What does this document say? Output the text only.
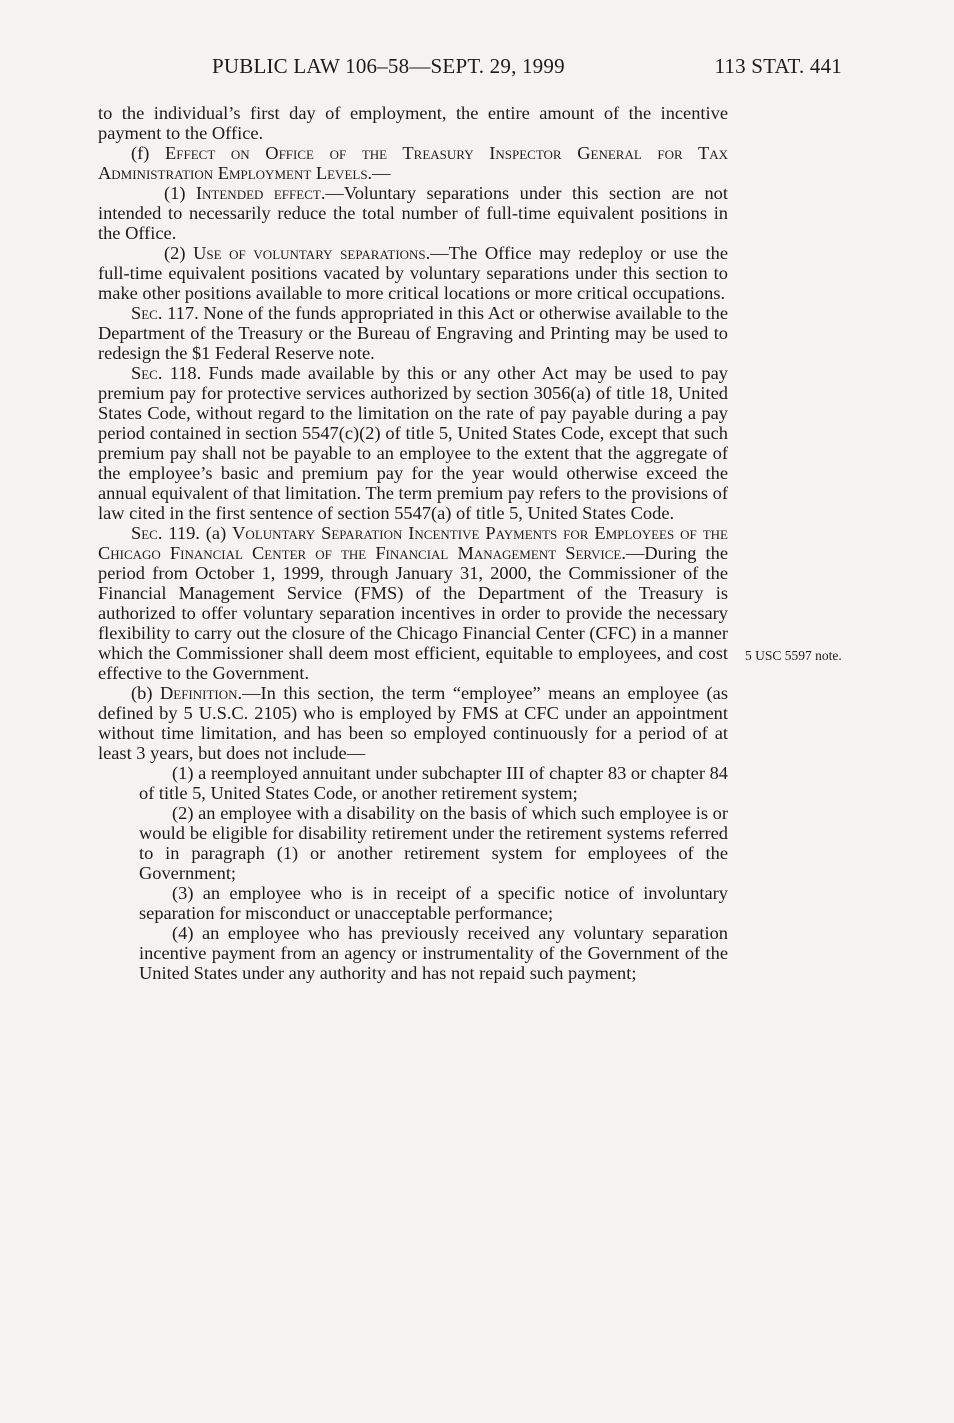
PUBLIC LAW 106–58—SEPT. 29, 1999	113 STAT. 441
5 USC 5597 note.

to the individual’s first day of employment, the entire amount of the incentive payment to the Office.

(f) Effect on Office of the Treasury Inspector General for Tax Administration Employment Levels.—

(1) Intended effect.—Voluntary separations under this section are not intended to necessarily reduce the total number of full-time equivalent positions in the Office.

(2) Use of voluntary separations.—The Office may redeploy or use the full-time equivalent positions vacated by voluntary separations under this section to make other positions available to more critical locations or more critical occupations.

Sec. 117. None of the funds appropriated in this Act or otherwise available to the Department of the Treasury or the Bureau of Engraving and Printing may be used to redesign the $1 Federal Reserve note.

Sec. 118. Funds made available by this or any other Act may be used to pay premium pay for protective services authorized by section 3056(a) of title 18, United States Code, without regard to the limitation on the rate of pay payable during a pay period contained in section 5547(c)(2) of title 5, United States Code, except that such premium pay shall not be payable to an employee to the extent that the aggregate of the employee’s basic and premium pay for the year would otherwise exceed the annual equivalent of that limitation. The term premium pay refers to the provisions of law cited in the first sentence of section 5547(a) of title 5, United States Code.

Sec. 119. (a) Voluntary Separation Incentive Payments for Employees of the Chicago Financial Center of the Financial Management Service.—During the period from October 1, 1999, through January 31, 2000, the Commissioner of the Financial Management Service (FMS) of the Department of the Treasury is authorized to offer voluntary separation incentives in order to provide the necessary flexibility to carry out the closure of the Chicago Financial Center (CFC) in a manner which the Commissioner shall deem most efficient, equitable to employees, and cost effective to the Government.

(b) Definition.—In this section, the term “employee” means an employee (as defined by 5 U.S.C. 2105) who is employed by FMS at CFC under an appointment without time limitation, and has been so employed continuously for a period of at least 3 years, but does not include—

(1) a reemployed annuitant under subchapter III of chapter 83 or chapter 84 of title 5, United States Code, or another retirement system;

(2) an employee with a disability on the basis of which such employee is or would be eligible for disability retirement under the retirement systems referred to in paragraph (1) or another retirement system for employees of the Government;

(3) an employee who is in receipt of a specific notice of involuntary separation for misconduct or unacceptable performance;

(4) an employee who has previously received any voluntary separation incentive payment from an agency or instrumentality of the Government of the United States under any authority and has not repaid such payment;
